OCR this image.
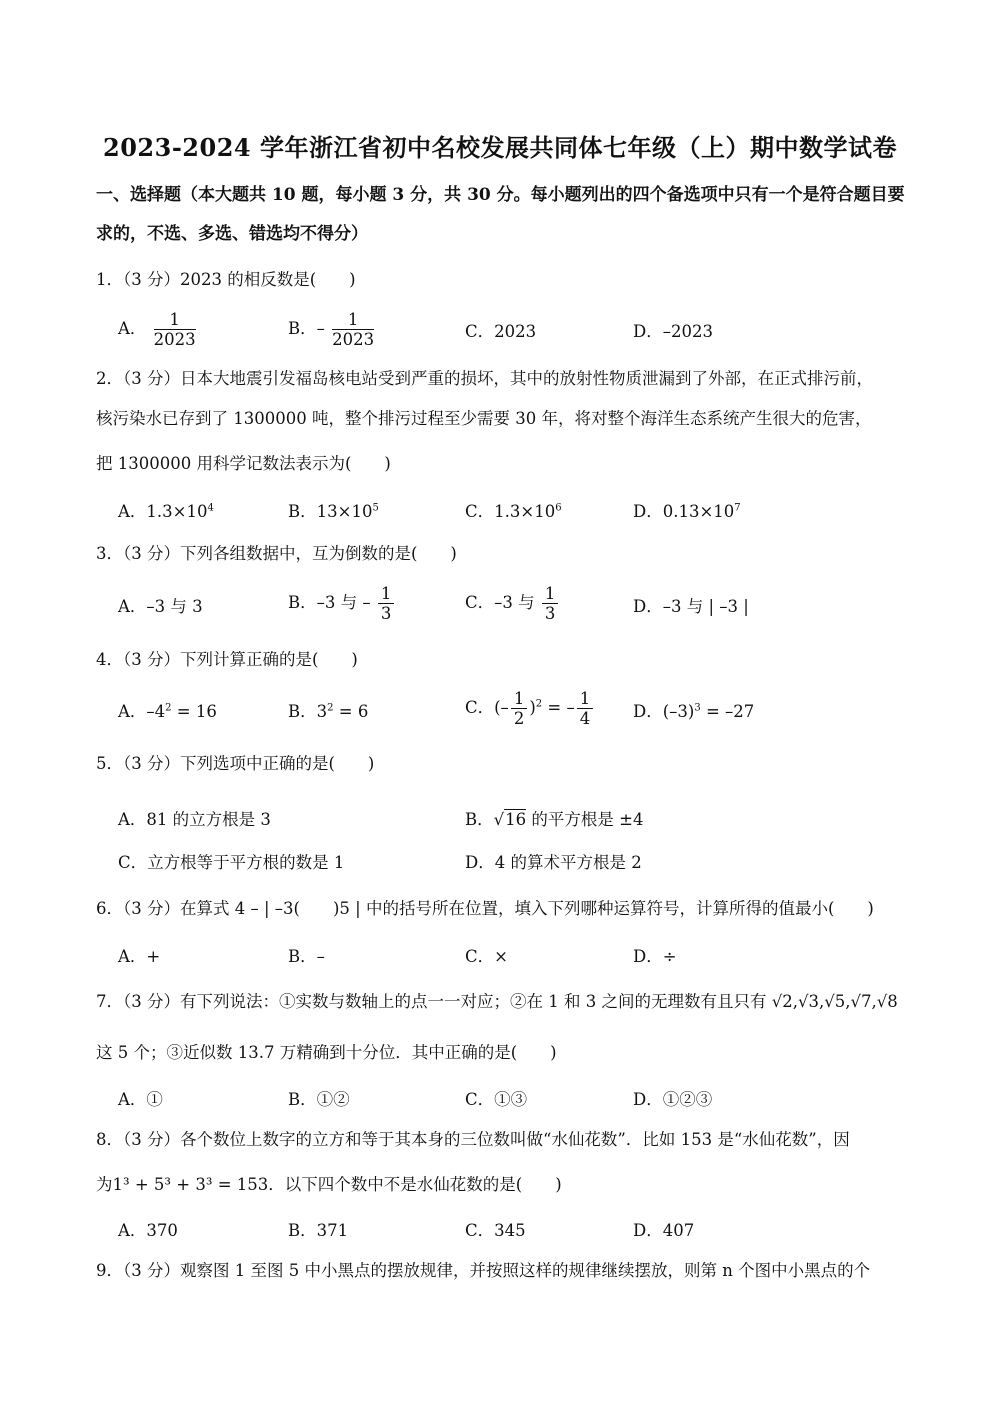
2023-2024 学年浙江省初中名校发展共同体七年级（上）期中数学试卷
一、选择题（本大题共 10 题，每小题 3 分，共 30 分。每小题列出的四个备选项中只有一个是符合题目要
求的，不选、多选、错选均不得分）
1．（3 分）2023 的相反数是(　　)
A． $\frac{1}{2023}$	B．– $\frac{1}{2023}$	C．2023	D．–2023
2．（3 分）日本大地震引发福岛核电站受到严重的损坏，其中的放射性物质泄漏到了外部，在正式排污前，
核污染水已存到了 1300000 吨，整个排污过程至少需要 30 年，将对整个海洋生态系统产生很大的危害，
把 1300000 用科学记数法表示为(　　)
A．$1.3\times 10^4$	B．$13\times 10^5$	C．$1.3\times 10^6$	D．$0.13\times 10^7$
3．（3 分）下列各组数据中，互为倒数的是(　　)
A．–3 与 3	B．–3 与 – $\frac{1}{3}$	C．–3 与 $\frac{1}{3}$	D．–3 与 | –3 |
4．（3 分）下列计算正确的是(　　)
A．$-4^2 = 16$	B．$3^2 = 6$	C．(– $\frac{1}{2} )^2$ = – $\frac{1}{4}$ D．$(-3)^3 = -27$
5．（3 分）下列选项中正确的是(　　)
A．81 的立方根是 3	B．√16 的平方根是 ±4
C．立方根等于平方根的数是 1	D．4 的算术平方根是 2
6．（3 分）在算式 4 – | –3(　　)5 | 中的括号所在位置，填入下列哪种运算符号，计算所得的值最小(　　)
A．+	B．–	C．×	D．÷
7．（3 分）有下列说法：①实数与数轴上的点一一对应；②在 1 和 3 之间的无理数有且只有 √2,√3,√5,√7,√8
这 5 个；③近似数 13.7 万精确到十分位．其中正确的是(　　)
A．①	B．①②	C．①③	D．①②③
8．（3 分）各个数位上数字的立方和等于其本身的三位数叫做“水仙花数”．比如 153 是“水仙花数”，因
为1³ + 5³ + 3³ = 153．以下四个数中不是水仙花数的是(　　)
A．370	B．371	C．345	D．407
9．（3 分）观察图 1 至图 5 中小黑点的摆放规律，并按照这样的规律继续摆放，则第 n 个图中小黑点的个
